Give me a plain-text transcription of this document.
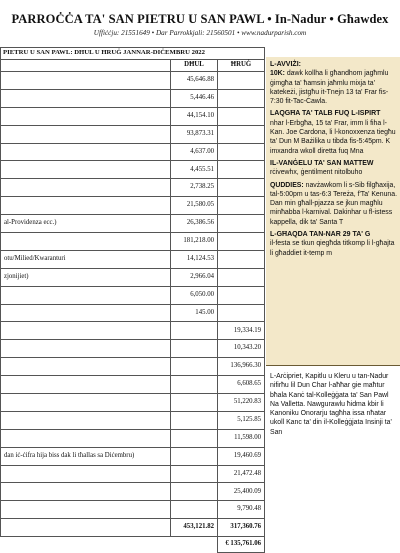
PARROĊĊA TA' SAN PIETRU U SAN PAWL • In-Nadur • Għawdex
Uffiċċju: 21551649 • Dar Parrokkjali: 21560501 • www.nadurparish.com
PIETRU U SAN PAWL: DĦUL U ĦRUĠ JANNAR-DIĊEMBRU 2022		
	DĦUL	ĦRUĠ
	45,646.88	
	5,446.46	
	44,154.10	
	93,873.31	
	4,637.00	
	4,455.51	
	2,738.25	
	21,580.05	
al-Providenza ecc.)	26,386.56	
	181,218.00	
otu/Milied/Kwaranturi	14,124.53	
zjonijiet)	2,966.04	
	6,050.00	
	145.00	
		19,334.19
		10,343.20
		136,966.30
		6,608.65
		51,220.83
		5,125.85
		11,598.00
dan iċ-ċifra hija biss dak li tħallas sa Diċembru)		19,460.69
		21,472.48
		25,400.09
		9,790.48
	453,121.82	317,360.76
		€ 135,761.06
L-AVVIŻI:

10K: dawk kollha li għandhom jagħmlu ġimgħa ta' ħamsin jaħmlu mixja ta' katekeżi, jistgħu it-Tnejn 13 ta' Frar fis-7:30 fit-Tac-Ċawla.

LAQGĦA TA' TALB FUQ L-ISPIRT

nhar l-Erbgħa, 15 ta' Frar, imm li fiha l-Kan. Joe Cardona, li l-konoxxenza tiegħu ta' Dun M Bażilika u tibda fis-5:45pm. K imxandra wkoll diretta fuq Mna

IL-VANĠELU TA' SAN MATTEW

rċivewhx, ġentilment nitolbuho

QUDDIES: navżawkom li s-Sib filgħaxija, tal-5:00pm u tas-6:3 Tereża, f'Ta' Kenuna. Dan min għall-pjazza se jkun magħlu minħabba l-karnival. Dakinhar u fl-istess kappella, dik ta' Santa T

L-GĦAQDA TAN-NAR 29 TA' G

il-festa se tkun qiegħda titkomp li l-għajta li għaddiet it-temp m

L-Arċipriet, Kapitlu u Kleru u tan-Nadur nifirħu lil Dun Char l-aħħar gie maħtur bħala Kanċ tal-Kolleġġata ta' San Pawl Na Valletta. Nawgurawlu ħidma kbir li Kanoniku Onorarju tagħha issa nħatar ukoll Kanc ta' din il-Kolleġġjata Insinji ta' San
